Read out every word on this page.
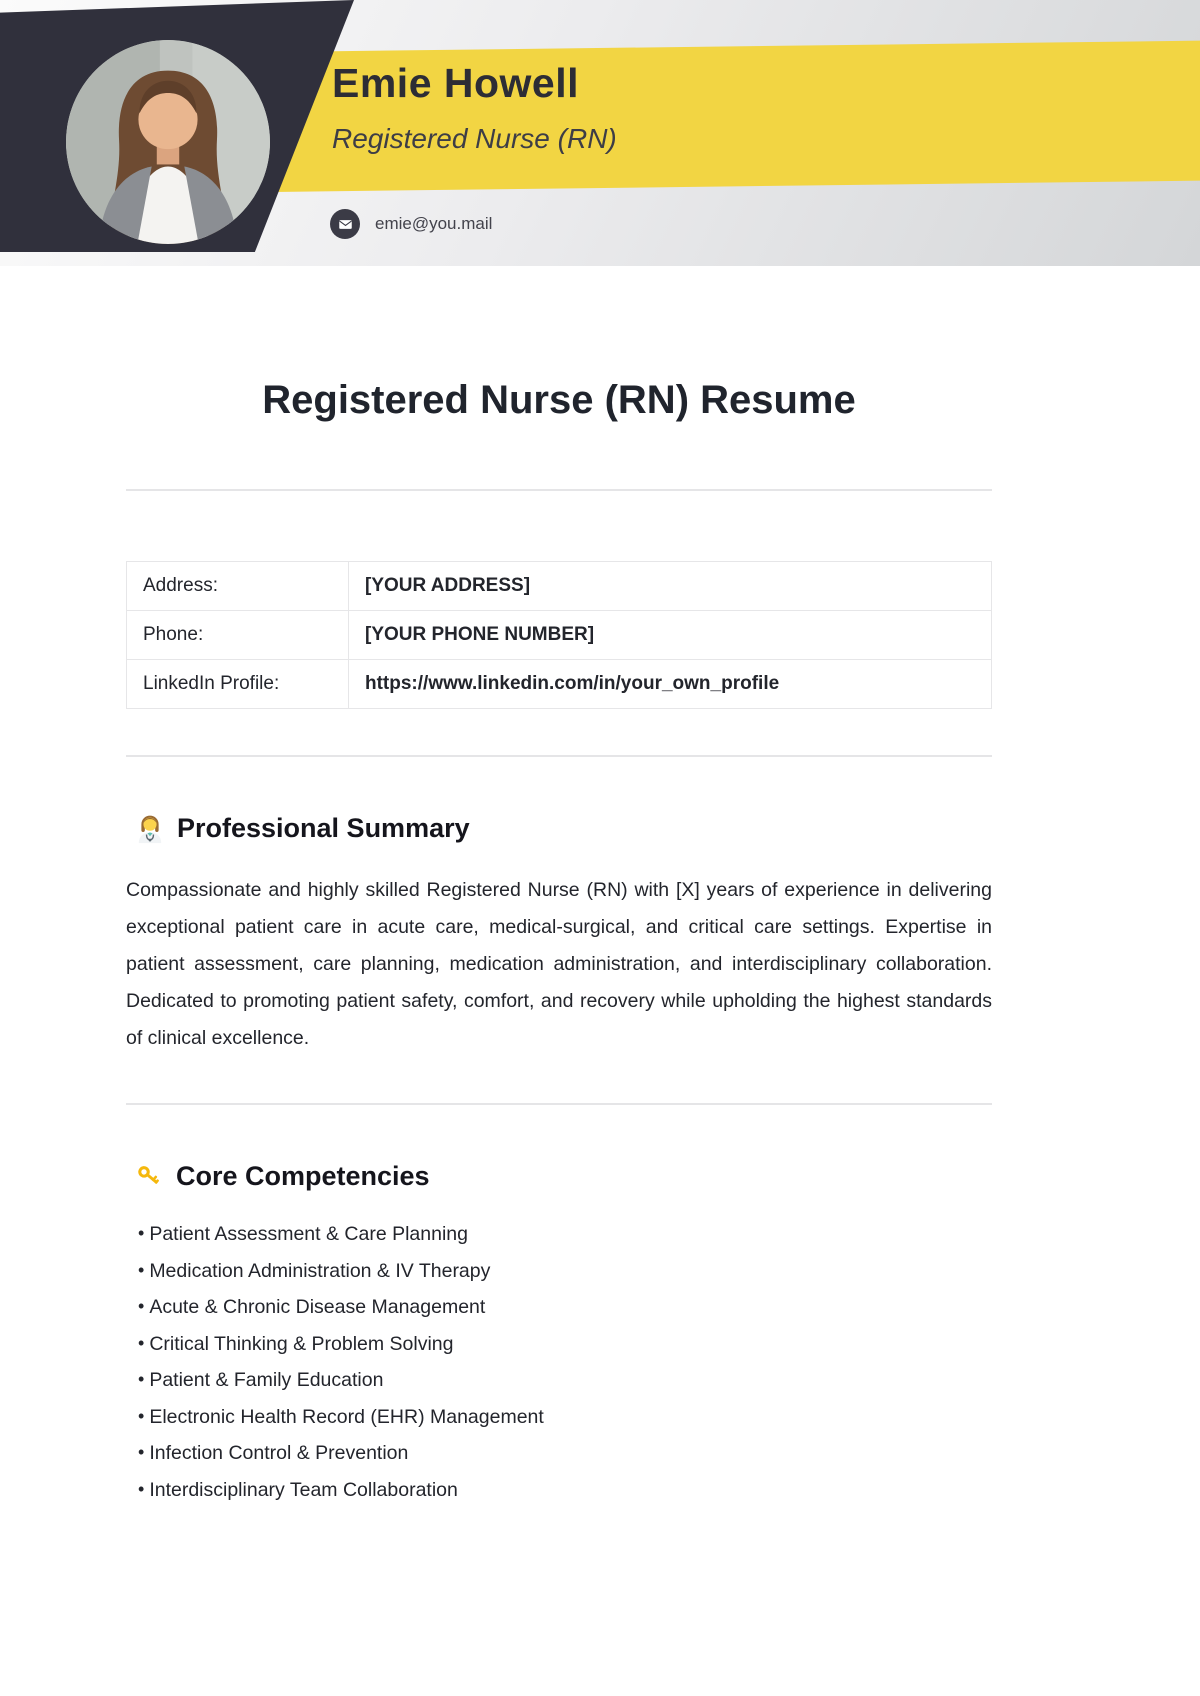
Emie Howell
Registered Nurse (RN)
emie@you.mail
Registered Nurse (RN) Resume
Address:	[YOUR ADDRESS]
Phone:	[YOUR PHONE NUMBER]
LinkedIn Profile:	https://www.linkedin.com/in/your_own_profile
Professional Summary

Compassionate and highly skilled Registered Nurse (RN) with [X] years of experience in delivering exceptional patient care in acute care, medical-surgical, and critical care settings. Expertise in patient assessment, care planning, medication administration, and interdisciplinary collaboration. Dedicated to promoting patient safety, comfort, and recovery while upholding the highest standards of clinical excellence.

Core Competencies
• Patient Assessment & Care Planning
• Medication Administration & IV Therapy
• Acute & Chronic Disease Management
• Critical Thinking & Problem Solving
• Patient & Family Education
• Electronic Health Record (EHR) Management
• Infection Control & Prevention
• Interdisciplinary Team Collaboration
